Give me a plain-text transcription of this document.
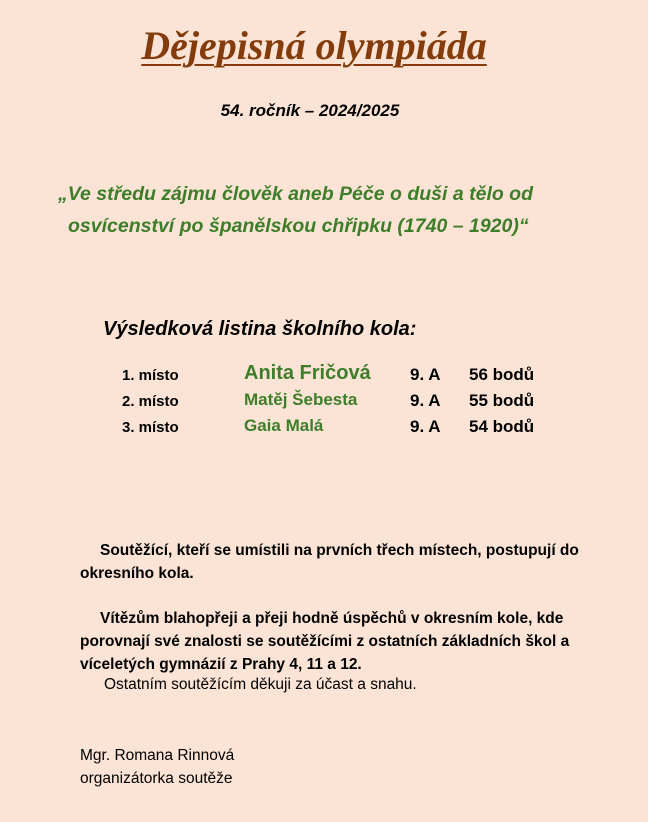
Dějepisná olympiáda
54. ročník – 2024/2025
„Ve středu zájmu člověk aneb Péče o duši a tělo od
osvícenství po španělskou chřipku (1740 – 1920)“
Výsledková listina školního kola:
1. místo	Anita Fričová 9. A 56 bodů
2. místo	Matěj Šebesta	9. A 55 bodů
3. místo	Gaia Malá	9. A 54 bodů
Soutěžící, kteří se umístili na prvních třech místech, postupují do okresního kola.
Vítězům blahopřeji a přeji hodně úspěchů v okresním kole, kde porovnají své znalosti se soutěžícími z ostatních základních škol a víceletých gymnázií z Prahy 4, 11 a 12.
Ostatním soutěžícím děkuji za účast a snahu.
Mgr. Romana Rinnová
organizátorka soutěže
